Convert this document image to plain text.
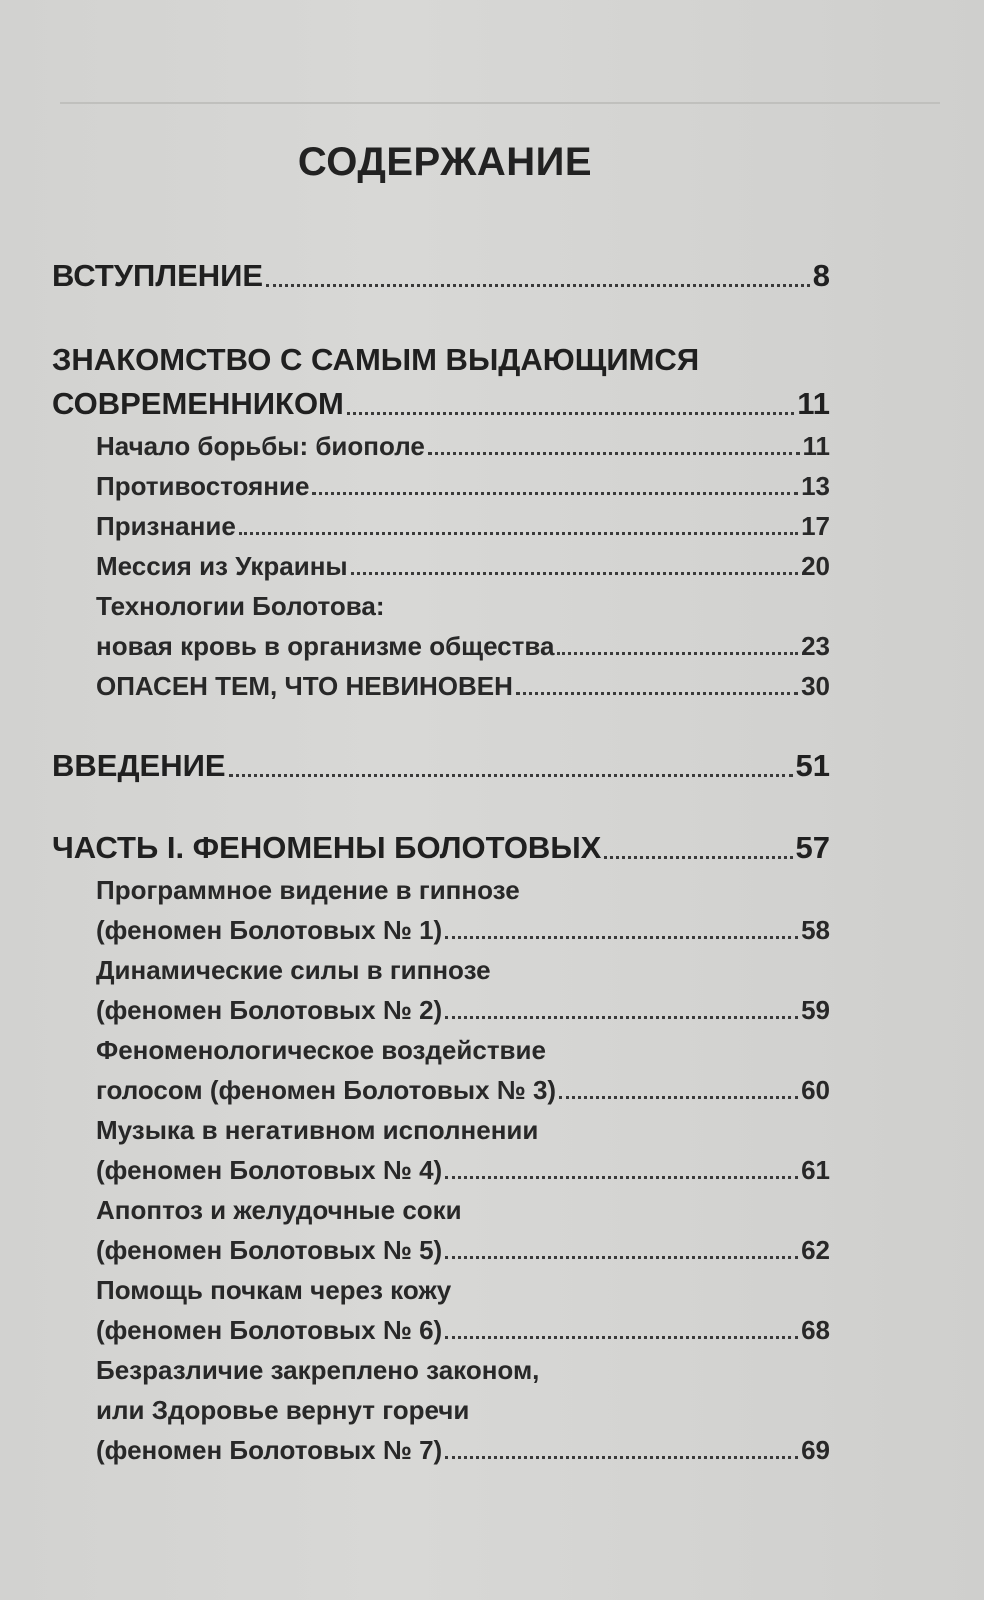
СОДЕРЖАНИЕ
ВСТУПЛЕНИЕ	8
ЗНАКОМСТВО С САМЫМ ВЫДАЮЩИМСЯ
СОВРЕМЕННИКОМ	11
Начало борьбы: биополе	11
Противостояние	13
Признание	17
Мессия из Украины	20
Технологии Болотова:
новая кровь в организме общества	23
ОПАСЕН ТЕМ, ЧТО НЕВИНОВЕН	30
ВВЕДЕНИЕ	51
ЧАСТЬ I. ФЕНОМЕНЫ БОЛОТОВЫХ	57
Программное видение в гипнозе
(феномен Болотовых № 1)	58
Динамические силы в гипнозе
(феномен Болотовых № 2)	59
Феноменологическое воздействие
голосом (феномен Болотовых № 3)	60
Музыка в негативном исполнении
(феномен Болотовых № 4)	61
Апоптоз и желудочные соки
(феномен Болотовых № 5)	62
Помощь почкам через кожу
(феномен Болотовых № 6)	68
Безразличие закреплено законом,
или Здоровье вернут горечи
(феномен Болотовых № 7)	69
